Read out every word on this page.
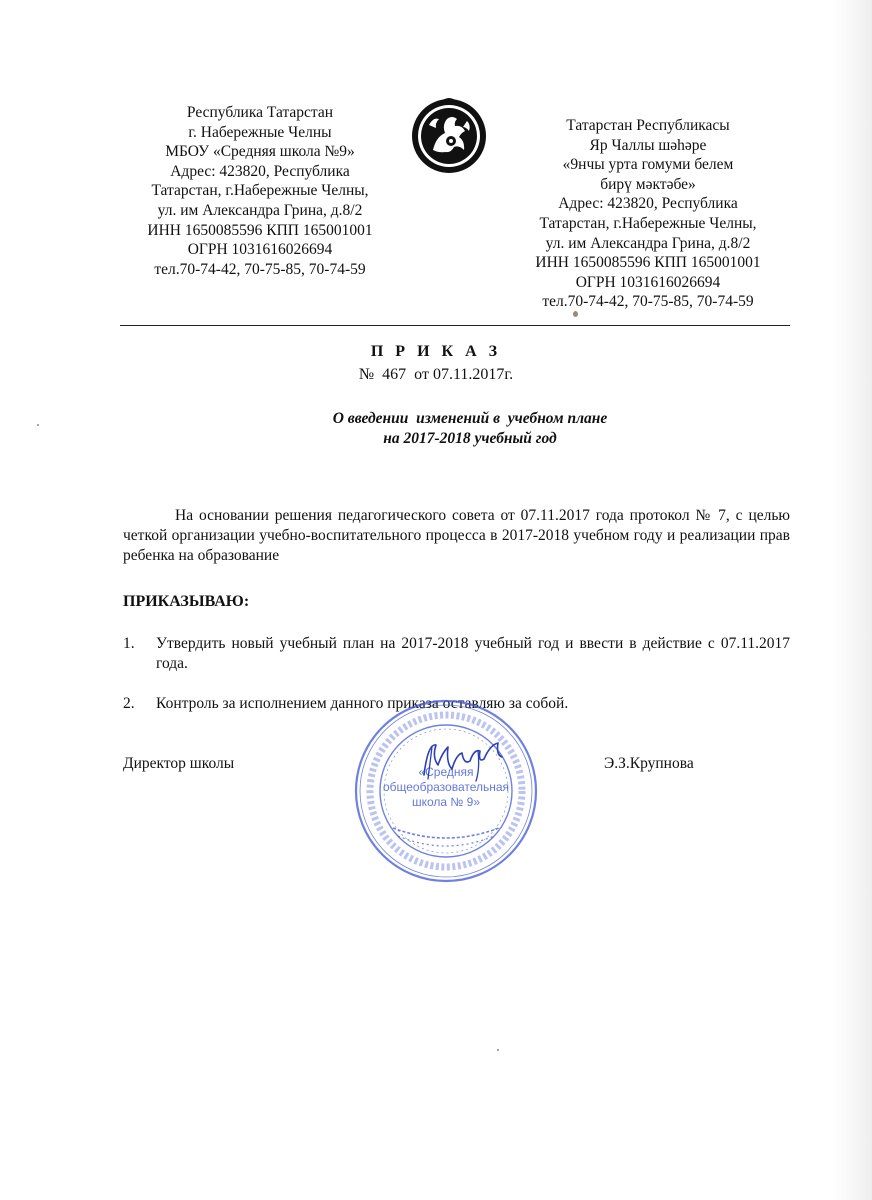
Республика Татарстан
г. Набережные Челны
МБОУ «Средняя школа №9»
Адрес: 423820, Республика
Татарстан, г.Набережные Челны,
ул. им Александра Грина, д.8/2
ИНН 1650085596 КПП 165001001
ОГРН 1031616026694
тел.70-74-42, 70-75-85, 70-74-59
Татарстан Республикасы
Яр Чаллы шәһәре
«9нчы урта гомуми белем
бирү мәктәбе»
Адрес: 423820, Республика
Татарстан, г.Набережные Челны,
ул. им Александра Грина, д.8/2
ИНН 1650085596 КПП 165001001
ОГРН 1031616026694
тел.70-74-42, 70-75-85, 70-74-59
П Р И К А З
№  467  от 07.11.2017г.
О введении  изменений в  учебном плане
на 2017-2018 учебный год
На основании решения педагогического совета от 07.11.2017 года протокол № 7, с целью четкой организации учебно-воспитательного процесса в 2017-2018 учебном году и реализации прав ребенка на образование
ПРИКАЗЫВАЮ:
1.	Утвердить новый учебный план на 2017-2018 учебный год и ввести в действие с 07.11.2017 года.
2.	Контроль за исполнением данного приказа оставляю за собой.
«Средняя
общеобразовательная
школа № 9»
Директор школы	Э.З.Крупнова
